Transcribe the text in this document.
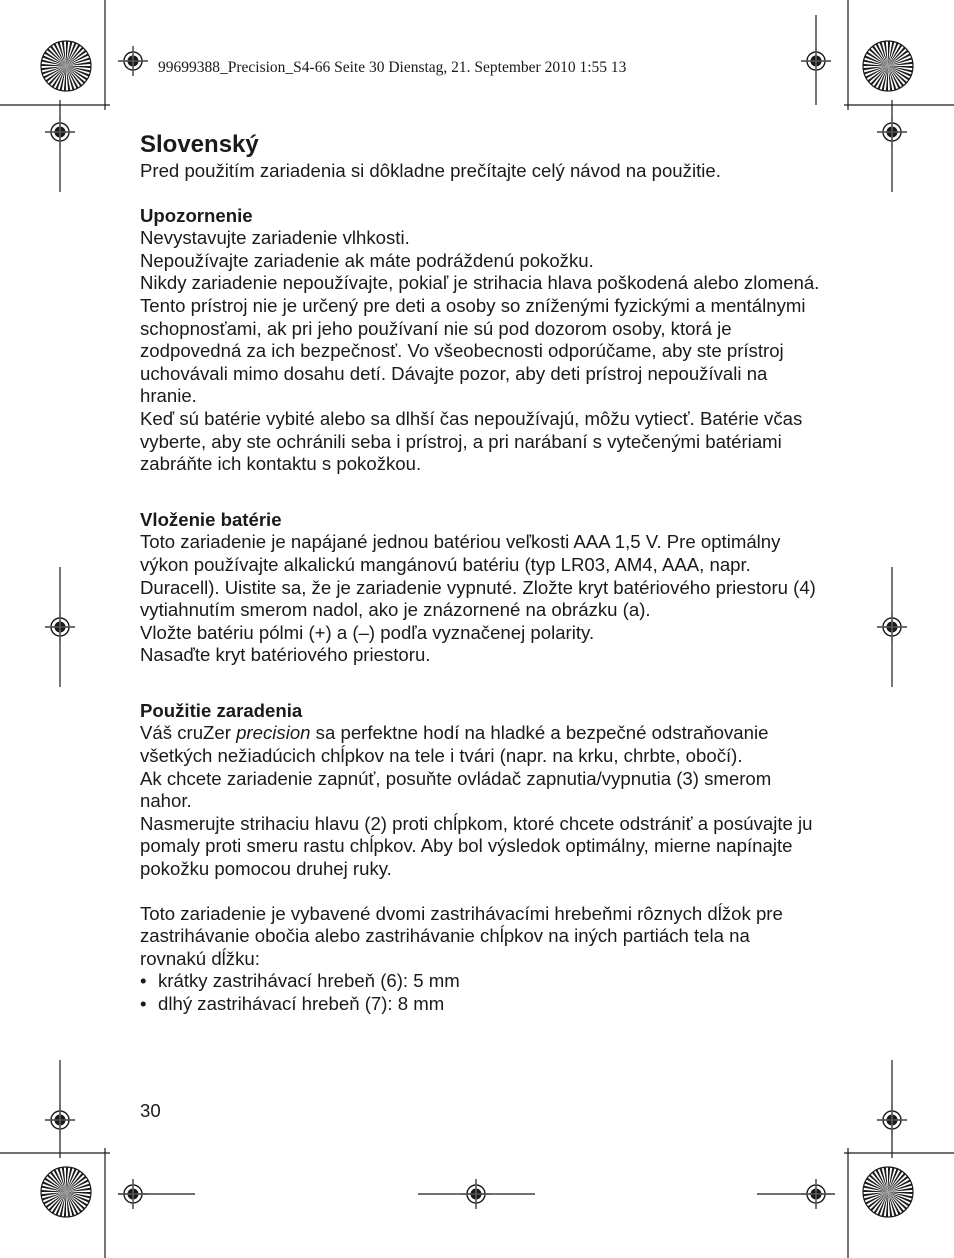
99699388_Precision_S4-66 Seite 30 Dienstag, 21. September 2010 1:55 13

Slovenský

Pred použitím zariadenia si dôkladne prečítajte celý návod na použitie.

Upozornenie

Nevystavujte zariadenie vlhkosti.

Nepoužívajte zariadenie ak máte podráždenú pokožku.

Nikdy zariadenie nepoužívajte, pokiaľ je strihacia hlava poškodená alebo zlomená.

Tento prístroj nie je určený pre deti a osoby so zníženými fyzickými a mentálnymi schopnosťami, ak pri jeho používaní nie sú pod dozorom osoby, ktorá je zodpovedná za ich bezpečnosť. Vo všeobecnosti odporúčame, aby ste prístroj uchovávali mimo dosahu detí. Dávajte pozor, aby deti prístroj nepoužívali na hranie.

Keď sú batérie vybité alebo sa dlhší čas nepoužívajú, môžu vytiecť. Batérie včas vyberte, aby ste ochránili seba i prístroj, a pri narábaní s vytečenými batériami zabráňte ich kontaktu s pokožkou.

Vloženie batérie

Toto zariadenie je napájané jednou batériou veľkosti AAA 1,5 V. Pre optimálny výkon používajte alkalickú mangánovú batériu (typ LR03, AM4, AAA, napr. Duracell). Uistite sa, že je zariadenie vypnuté. Zložte kryt batériového priestoru (4) vytiahnutím smerom nadol, ako je znázornené na obrázku (a).

Vložte batériu pólmi (+) a (–) podľa vyznačenej polarity.

Nasaďte kryt batériového priestoru.

Použitie zaradenia

Váš cruZer precision sa perfektne hodí na hladké a bezpečné odstraňovanie všetkých nežiadúcich chĺpkov na tele i tvári (napr. na krku, chrbte, obočí).

Ak chcete zariadenie zapnúť, posuňte ovládač zapnutia/vypnutia (3) smerom nahor.

Nasmerujte strihaciu hlavu (2) proti chĺpkom, ktoré chcete odstrániť a posúvajte ju pomaly proti smeru rastu chĺpkov. Aby bol výsledok optimálny, mierne napínajte pokožku pomocou druhej ruky.

Toto zariadenie je vybavené dvomi zastrihávacími hrebeňmi rôznych dĺžok pre zastrihávanie obočia alebo zastrihávanie chĺpkov na iných partiách tela na rovnakú dĺžku:

• krátky zastrihávací hrebeň (6): 5 mm
• dlhý zastrihávací hrebeň (7): 8 mm
30
